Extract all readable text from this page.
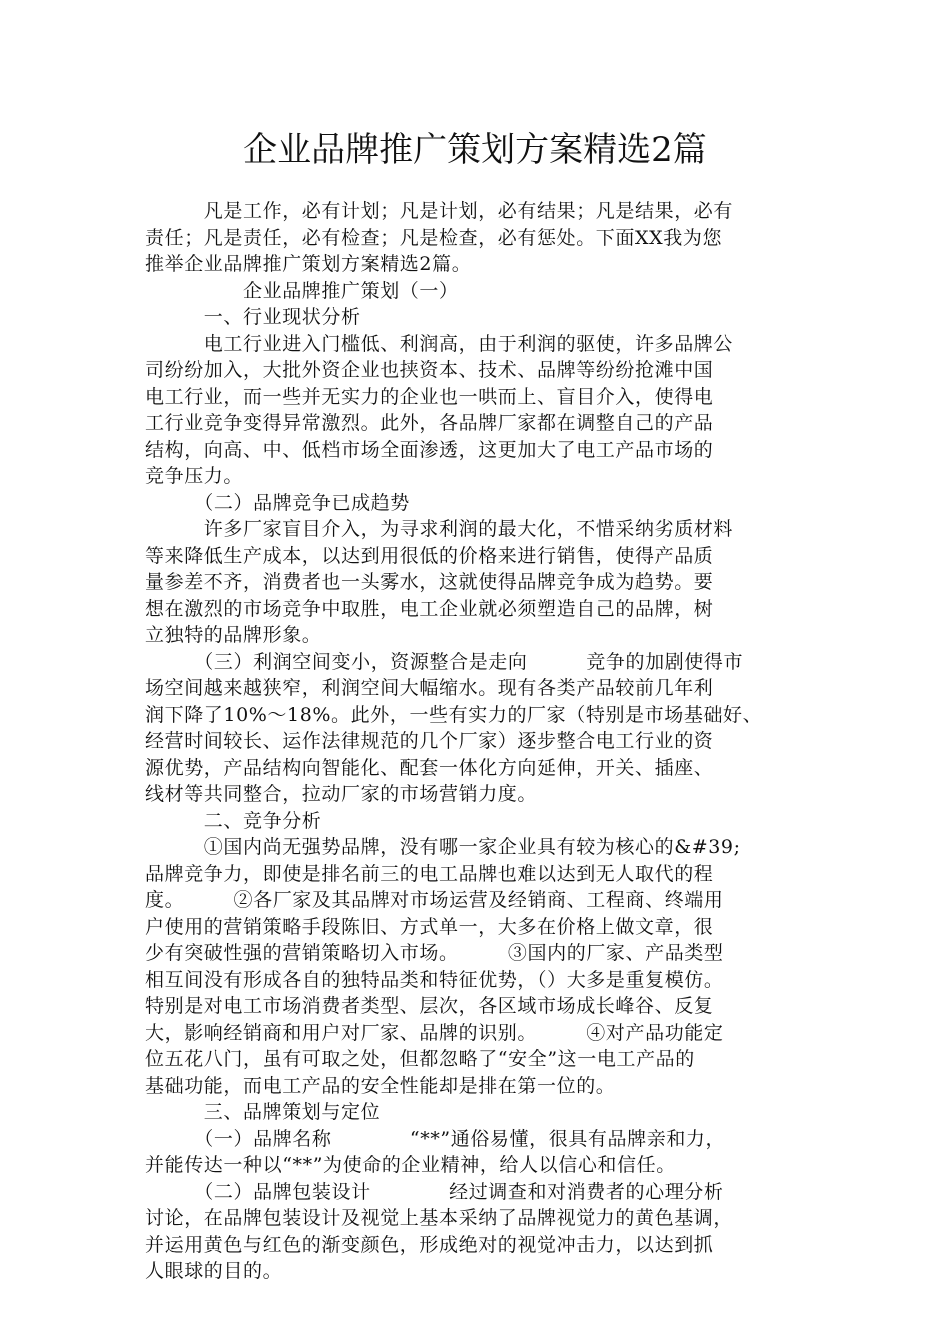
企业品牌推广策划方案精选2篇
　　　凡是工作，必有计划；凡是计划，必有结果；凡是结果，必有
责任；凡是责任，必有检查；凡是检查，必有惩处。下面XX我为您
推举企业品牌推广策划方案精选2篇。
　　　　　企业品牌推广策划（一）
　　　一、行业现状分析
　　　电工行业进入门槛低、利润高，由于利润的驱使，许多品牌公
司纷纷加入，大批外资企业也挟资本、技术、品牌等纷纷抢滩中国
电工行业，而一些并无实力的企业也一哄而上、盲目介入，使得电
工行业竞争变得异常激烈。此外，各品牌厂家都在调整自己的产品
结构，向高、中、低档市场全面渗透，这更加大了电工产品市场的
竞争压力。
　　　（二）品牌竞争已成趋势
　　　许多厂家盲目介入，为寻求利润的最大化，不惜采纳劣质材料
等来降低生产成本，以达到用很低的价格来进行销售，使得产品质
量参差不齐，消费者也一头雾水，这就使得品牌竞争成为趋势。要
想在激烈的市场竞争中取胜，电工企业就必须塑造自己的品牌，树
立独特的品牌形象。
　　　（三）利润空间变小，资源整合是走向　　　竞争的加剧使得市
场空间越来越狭窄，利润空间大幅缩水。现有各类产品较前几年利
润下降了10%～18%。此外，一些有实力的厂家（特别是市场基础好、
经营时间较长、运作法律规范的几个厂家）逐步整合电工行业的资
源优势，产品结构向智能化、配套一体化方向延伸，开关、插座、
线材等共同整合，拉动厂家的市场营销力度。
　　　二、竞争分析
　　　①国内尚无强势品牌，没有哪一家企业具有较为核心的&#39;
品牌竞争力，即使是排名前三的电工品牌也难以达到无人取代的程
度。　　　②各厂家及其品牌对市场运营及经销商、工程商、终端用
户使用的营销策略手段陈旧、方式单一，大多在价格上做文章，很
少有突破性强的营销策略切入市场。　　　③国内的厂家、产品类型
相互间没有形成各自的独特品类和特征优势，（）大多是重复模仿。
特别是对电工市场消费者类型、层次，各区域市场成长峰谷、反复
大，影响经销商和用户对厂家、品牌的识别。　　　④对产品功能定
位五花八门，虽有可取之处，但都忽略了“安全”这一电工产品的
基础功能，而电工产品的安全性能却是排在第一位的。
　　　三、品牌策划与定位
　　　（一）品牌名称　　　　“**”通俗易懂，很具有品牌亲和力，
并能传达一种以“**”为使命的企业精神，给人以信心和信任。
　　　（二）品牌包装设计　　　　经过调查和对消费者的心理分析
讨论，在品牌包装设计及视觉上基本采纳了品牌视觉力的黄色基调，
并运用黄色与红色的渐变颜色，形成绝对的视觉冲击力，以达到抓
人眼球的目的。
